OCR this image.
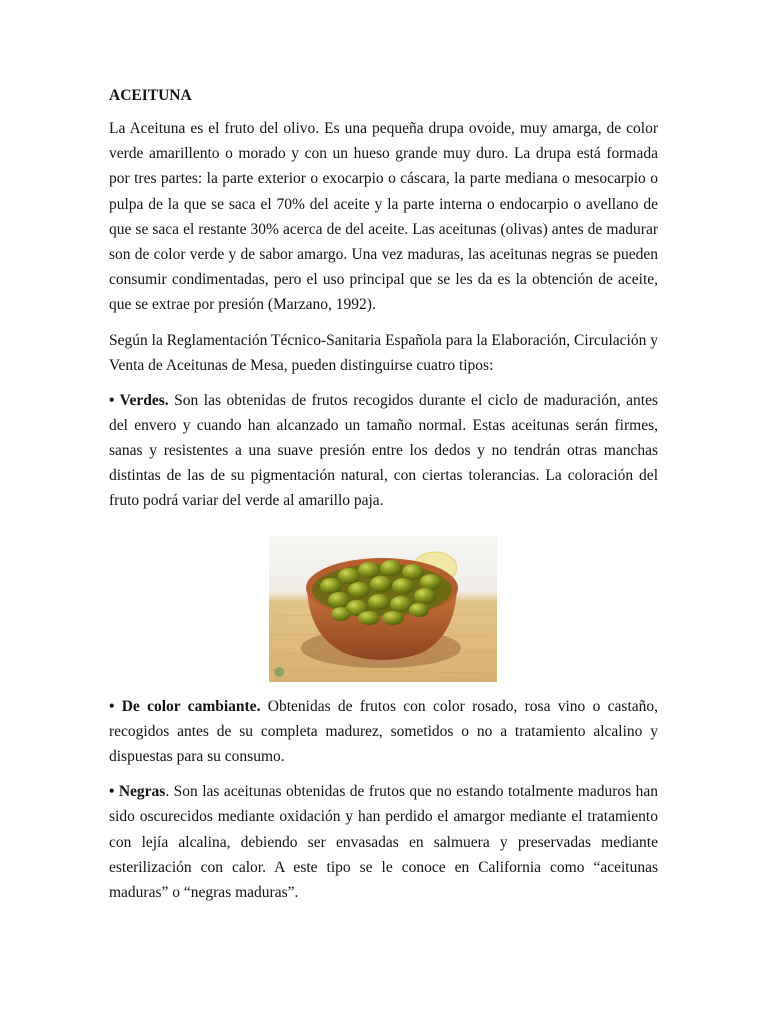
ACEITUNA

La Aceituna es el fruto del olivo. Es una pequeña drupa ovoide, muy amarga, de color verde amarillento o morado y con un hueso grande muy duro. La drupa está formada por tres partes: la parte exterior o exocarpio o cáscara, la parte mediana o mesocarpio o pulpa de la que se saca el 70% del aceite y la parte interna o endocarpio o avellano de que se saca el restante 30% acerca de del aceite. Las aceitunas (olivas) antes de madurar son de color verde y de sabor amargo. Una vez maduras, las aceitunas negras se pueden consumir condimentadas, pero el uso principal que se les da es la obtención de aceite, que se extrae por presión (Marzano, 1992).

Según la Reglamentación Técnico-Sanitaria Española para la Elaboración, Circulación y Venta de Aceitunas de Mesa, pueden distinguirse cuatro tipos:

• Verdes. Son las obtenidas de frutos recogidos durante el ciclo de maduración, antes del envero y cuando han alcanzado un tamaño normal. Estas aceitunas serán firmes, sanas y resistentes a una suave presión entre los dedos y no tendrán otras manchas distintas de las de su pigmentación natural, con ciertas tolerancias. La coloración del fruto podrá variar del verde al amarillo paja.

• De color cambiante. Obtenidas de frutos con color rosado, rosa vino o castaño, recogidos antes de su completa madurez, sometidos o no a tratamiento alcalino y dispuestas para su consumo.

• Negras. Son las aceitunas obtenidas de frutos que no estando totalmente maduros han sido oscurecidos mediante oxidación y han perdido el amargor mediante el tratamiento con lejía alcalina, debiendo ser envasadas en salmuera y preservadas mediante esterilización con calor. A este tipo se le conoce en California como “aceitunas maduras” o “negras maduras”.
